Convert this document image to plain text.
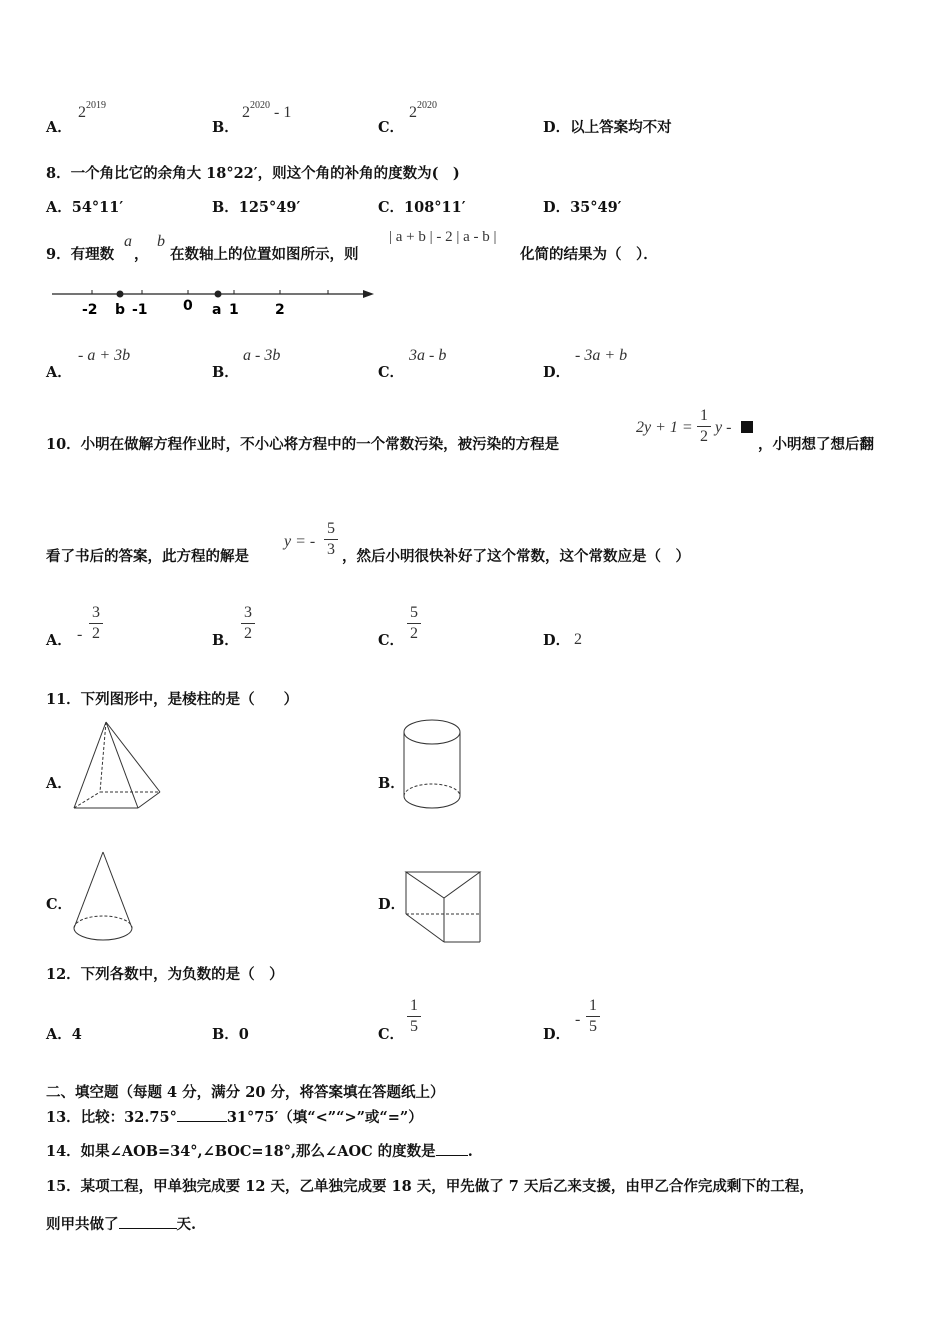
A．
$2^{2019}$
B．
$2^{2020} - 1$
C．
$2^{2020}$
D．以上答案均不对
8．一个角比它的余角大 18°22′，则这个角的补角的度数为(　)
A．54°11′	B．125°49′	C．108°11′	D．35°49′
9．有理数
a
，
b
在数轴上的位置如图所示，则
| a + b | - 2 | a - b |
化简的结果为（　）．
-2 b -1	0 a 1	2
A．
- a + 3b
B．
a - 3b
C．
3a - b
D．
- 3a + b
10．小明在做解方程作业时，不小心将方程中的一个常数污染，被污染的方程是
2y + 1 =
1
2
y -
，小明想了想后翻
看了书后的答案，此方程的解是
y = -
5
3 ，然后小明很快补好了这个常数，这个常数应是（　）
A． -
3
2	B．
3
2	C．
5
2	D． 2
11．下列图形中，是棱柱的是（　　）
A．	B．
C．	D．
12．下列各数中，为负数的是（　）
A．4	B．0	C．
1
5	D．
-
1
5
二、填空题（每题 4 分，满分 20 分，将答案填在答题纸上）
13．比较：32.75°	31°75′（填“<”“>”或“=”）
14．如果∠AOB=34°,∠BOC=18°,那么∠AOC 的度数是 .
15．某项工程，甲单独完成要 12 天，乙单独完成要 18 天，甲先做了 7 天后乙来支援，由甲乙合作完成剩下的工程，
则甲共做了	天.
